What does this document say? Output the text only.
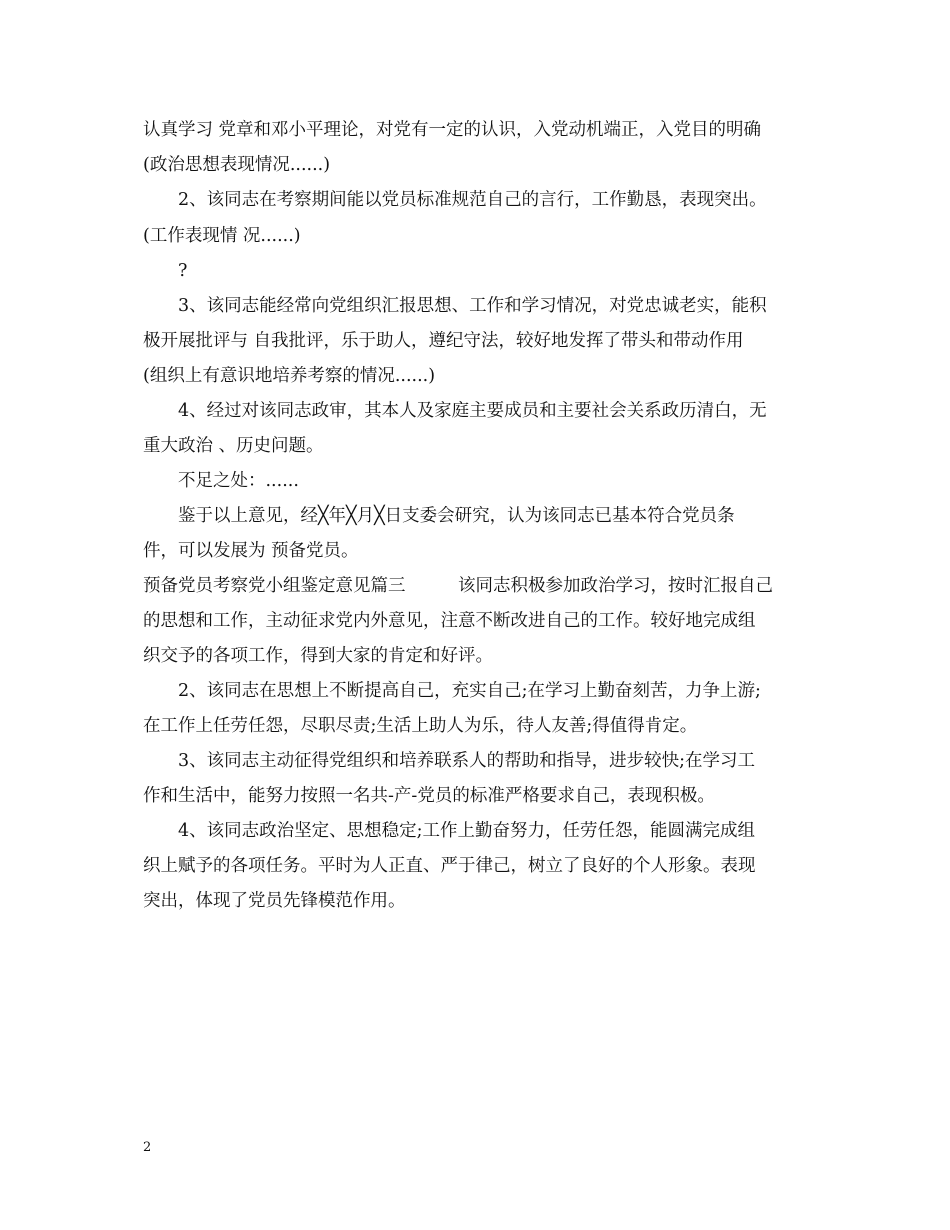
认真学习 党章和邓小平理论，对党有一定的认识，入党动机端正，入党目的明确
(政治思想表现情况......)
　　2、该同志在考察期间能以党员标准规范自己的言行，工作勤恳，表现突出。
(工作表现情 况......)
　　?
　　3、该同志能经常向党组织汇报思想、工作和学习情况，对党忠诚老实，能积
极开展批评与 自我批评，乐于助人，遵纪守法，较好地发挥了带头和带动作用
(组织上有意识地培养考察的情况......)
　　4、经过对该同志政审，其本人及家庭主要成员和主要社会关系政历清白，无
重大政治 、历史问题。
　　不足之处：......
　　鉴于以上意见，经╳年╳月╳日支委会研究，认为该同志已基本符合党员条
件，可以发展为 预备党员。
预备党员考察党小组鉴定意见篇三　　　该同志积极参加政治学习，按时汇报自己
的思想和工作，主动征求党内外意见，注意不断改进自己的工作。较好地完成组
织交予的各项工作，得到大家的肯定和好评。
　　2、该同志在思想上不断提高自己，充实自己;在学习上勤奋刻苦，力争上游;
在工作上任劳任怨，尽职尽责;生活上助人为乐，待人友善;得值得肯定。
　　3、该同志主动征得党组织和培养联系人的帮助和指导，进步较快;在学习工
作和生活中，能努力按照一名共-产-党员的标准严格要求自己，表现积极。
　　4、该同志政治坚定、思想稳定;工作上勤奋努力，任劳任怨，能圆满完成组
织上赋予的各项任务。平时为人正直、严于律己，树立了良好的个人形象。表现
突出，体现了党员先锋模范作用。
2
